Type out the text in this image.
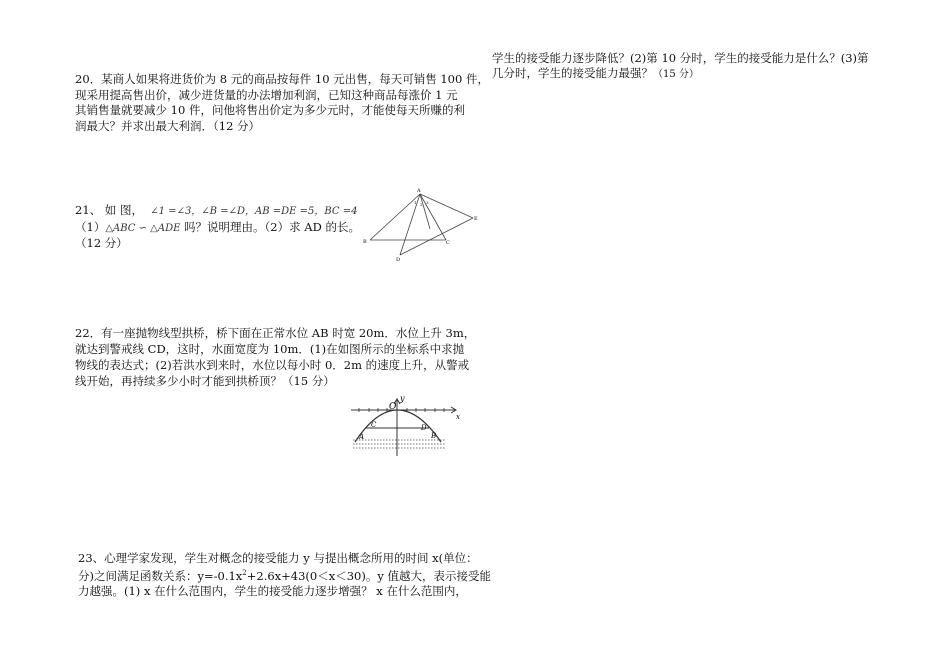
学生的接受能力逐步降低？(2)第 10 分时，学生的接受能力是什么？(3)第
几分时，学生的接受能力最强？（15 分）
20．某商人如果将进货价为 8 元的商品按每件 10 元出售，每天可销售 100 件，
现采用提高售出价，减少进货量的办法增加利润，已知这种商品每涨价 1 元
其销售量就要减少 10 件，问他将售出价定为多少元时，才能使每天所赚的利
润最大？并求出最大利润．（12 分）
21、 如 图， ∠1 =∠3，∠B =∠D，AB =DE =5，BC =4
（1）△ABC ∽ △ADE 吗？说明理由。（2）求 AD 的长。
（12 分）
A
B	C
D
E
1 2 3
22．有一座抛物线型拱桥，桥下面在正常水位 AB 时宽 20m．水位上升 3m，
就达到警戒线 CD，这时，水面宽度为 10m．(1)在如图所示的坐标系中求抛
物线的表达式；(2)若洪水到来时，水位以每小时 0．2m 的速度上升，从警戒
线开始，再持续多少小时才能到拱桥顶？（15 分）
y
O
x
A	B
C	D
23、心理学家发现，学生对概念的接受能力 y 与提出概念所用的时间 x(单位：
分)之间满足函数关系：$y=-0.1x^2+2.6x+43(0<x<30)$。y 值越大，表示接受能
力越强。(1) x 在什么范围内，学生的接受能力逐步增强？ x 在什么范围内，
